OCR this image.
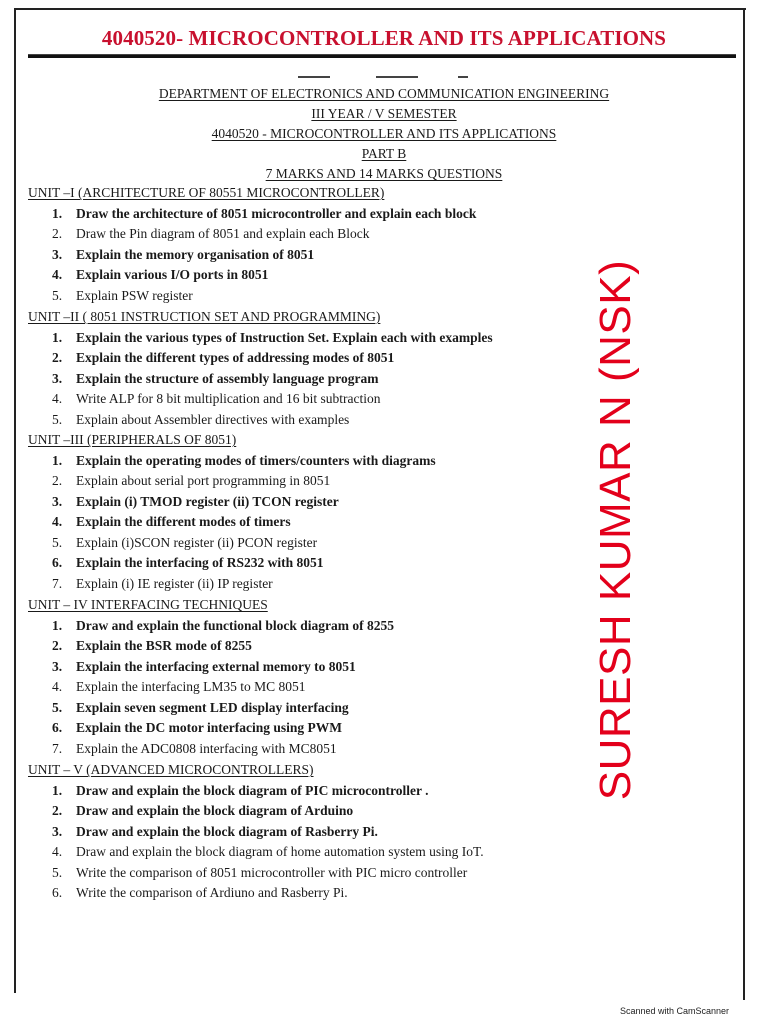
4040520- MICROCONTROLLER AND ITS APPLICATIONS
DEPARTMENT OF ELECTRONICS AND COMMUNICATION ENGINEERING
III YEAR / V SEMESTER
4040520 - MICROCONTROLLER AND ITS APPLICATIONS
PART B
7 MARKS AND 14 MARKS QUESTIONS
UNIT –I (ARCHITECTURE OF 80551 MICROCONTROLLER)
1. Draw the architecture of 8051 microcontroller and explain each block
2. Draw the Pin diagram of 8051 and explain each Block
3. Explain the memory organisation of 8051
4. Explain various I/O ports in 8051
5. Explain PSW register
UNIT –II ( 8051 INSTRUCTION SET AND PROGRAMMING)
1. Explain the various types of Instruction Set. Explain each with examples
2. Explain the different types of addressing modes of 8051
3. Explain the structure of assembly language program
4. Write ALP for 8 bit multiplication and 16 bit subtraction
5. Explain about Assembler directives with examples
UNIT –III (PERIPHERALS OF 8051)
1. Explain the operating modes of timers/counters with diagrams
2. Explain about serial port programming in 8051
3. Explain (i) TMOD register (ii) TCON register
4. Explain the different modes of timers
5. Explain (i)SCON register (ii) PCON register
6. Explain the interfacing of RS232 with 8051
7. Explain (i) IE register (ii) IP register
UNIT – IV INTERFACING TECHNIQUES
1. Draw and explain the functional block diagram of 8255
2. Explain the BSR mode of 8255
3. Explain the interfacing external memory to 8051
4. Explain the interfacing LM35 to MC 8051
5. Explain seven segment LED display interfacing
6. Explain the DC motor interfacing using PWM
7. Explain the ADC0808 interfacing with MC8051
UNIT – V (ADVANCED MICROCONTROLLERS)
1. Draw and explain the block diagram of PIC microcontroller .
2. Draw and explain the block diagram of Arduino
3. Draw and explain the block diagram of Rasberry Pi.
4. Draw and explain the block diagram of home automation system using IoT.
5. Write the comparison of 8051 microcontroller with PIC micro controller
6. Write the comparison of Ardiuno and Rasberry Pi.
SURESH KUMAR N (NSK)
Scanned with CamScanner
